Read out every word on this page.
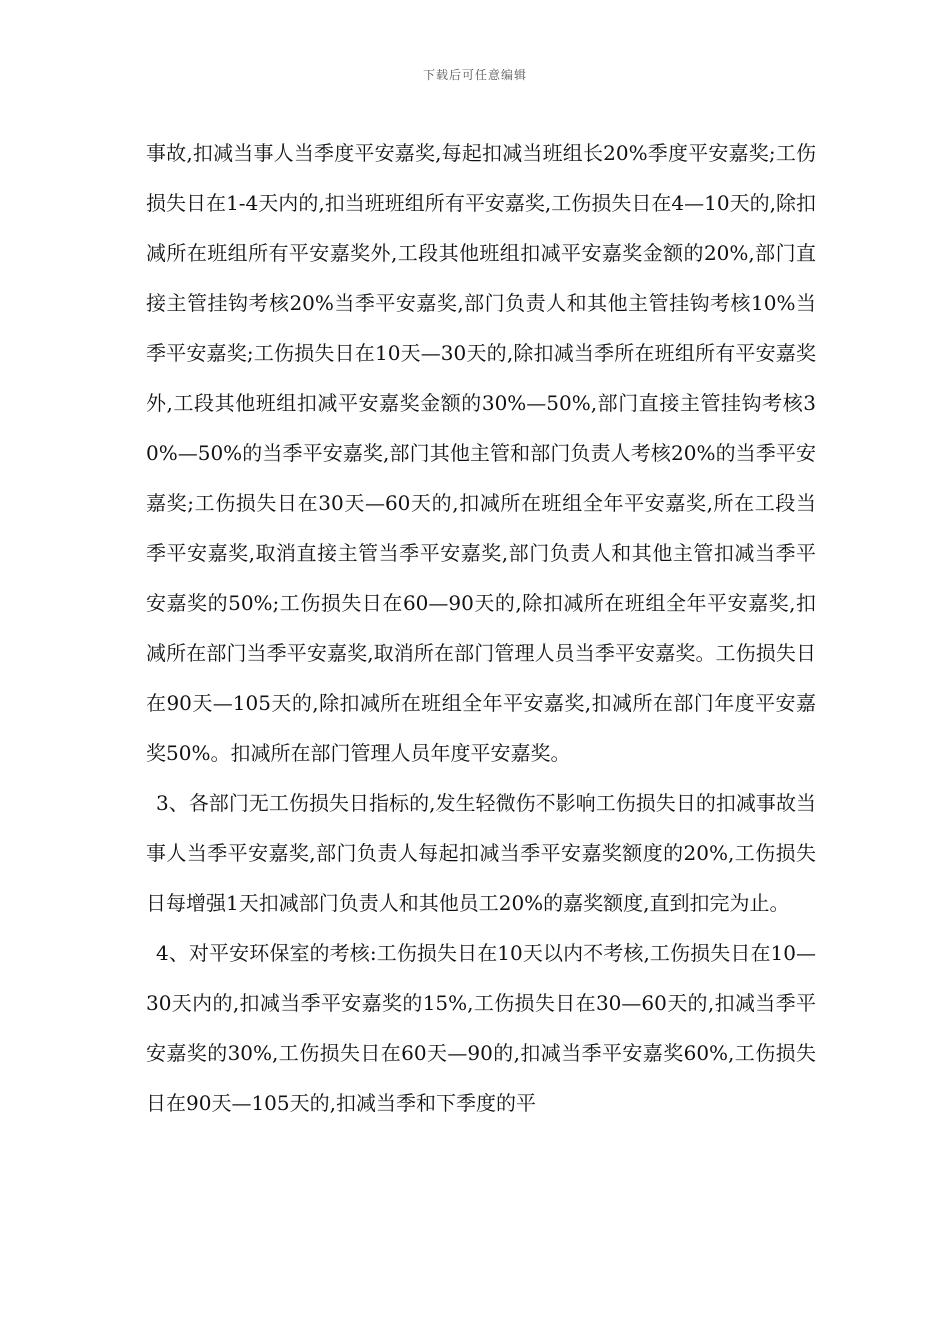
下载后可任意编辑

事故,扣减当事人当季度平安嘉奖,每起扣减当班组长20%季度平安嘉奖;工伤损失日在1-4天内的,扣当班班组所有平安嘉奖,工伤损失日在4—10天的,除扣减所在班组所有平安嘉奖外,工段其他班组扣减平安嘉奖金额的20%,部门直接主管挂钩考核20%当季平安嘉奖,部门负责人和其他主管挂钩考核10%当季平安嘉奖;工伤损失日在10天—30天的,除扣减当季所在班组所有平安嘉奖外,工段其他班组扣减平安嘉奖金额的30%—50%,部门直接主管挂钩考核30%—50%的当季平安嘉奖,部门其他主管和部门负责人考核20%的当季平安嘉奖;工伤损失日在30天—60天的,扣减所在班组全年平安嘉奖,所在工段当季平安嘉奖,取消直接主管当季平安嘉奖,部门负责人和其他主管扣减当季平安嘉奖的50%;工伤损失日在60—90天的,除扣减所在班组全年平安嘉奖,扣减所在部门当季平安嘉奖,取消所在部门管理人员当季平安嘉奖。工伤损失日在90天—105天的,除扣减所在班组全年平安嘉奖,扣减所在部门年度平安嘉奖50%。扣减所在部门管理人员年度平安嘉奖。

3、各部门无工伤损失日指标的,发生轻微伤不影响工伤损失日的扣减事故当事人当季平安嘉奖,部门负责人每起扣减当季平安嘉奖额度的20%,工伤损失日每增强1天扣减部门负责人和其他员工20%的嘉奖额度,直到扣完为止。

4、对平安环保室的考核:工伤损失日在10天以内不考核,工伤损失日在10—30天内的,扣减当季平安嘉奖的15%,工伤损失日在30—60天的,扣减当季平安嘉奖的30%,工伤损失日在60天—90的,扣减当季平安嘉奖60%,工伤损失日在90天—105天的,扣减当季和下季度的平
